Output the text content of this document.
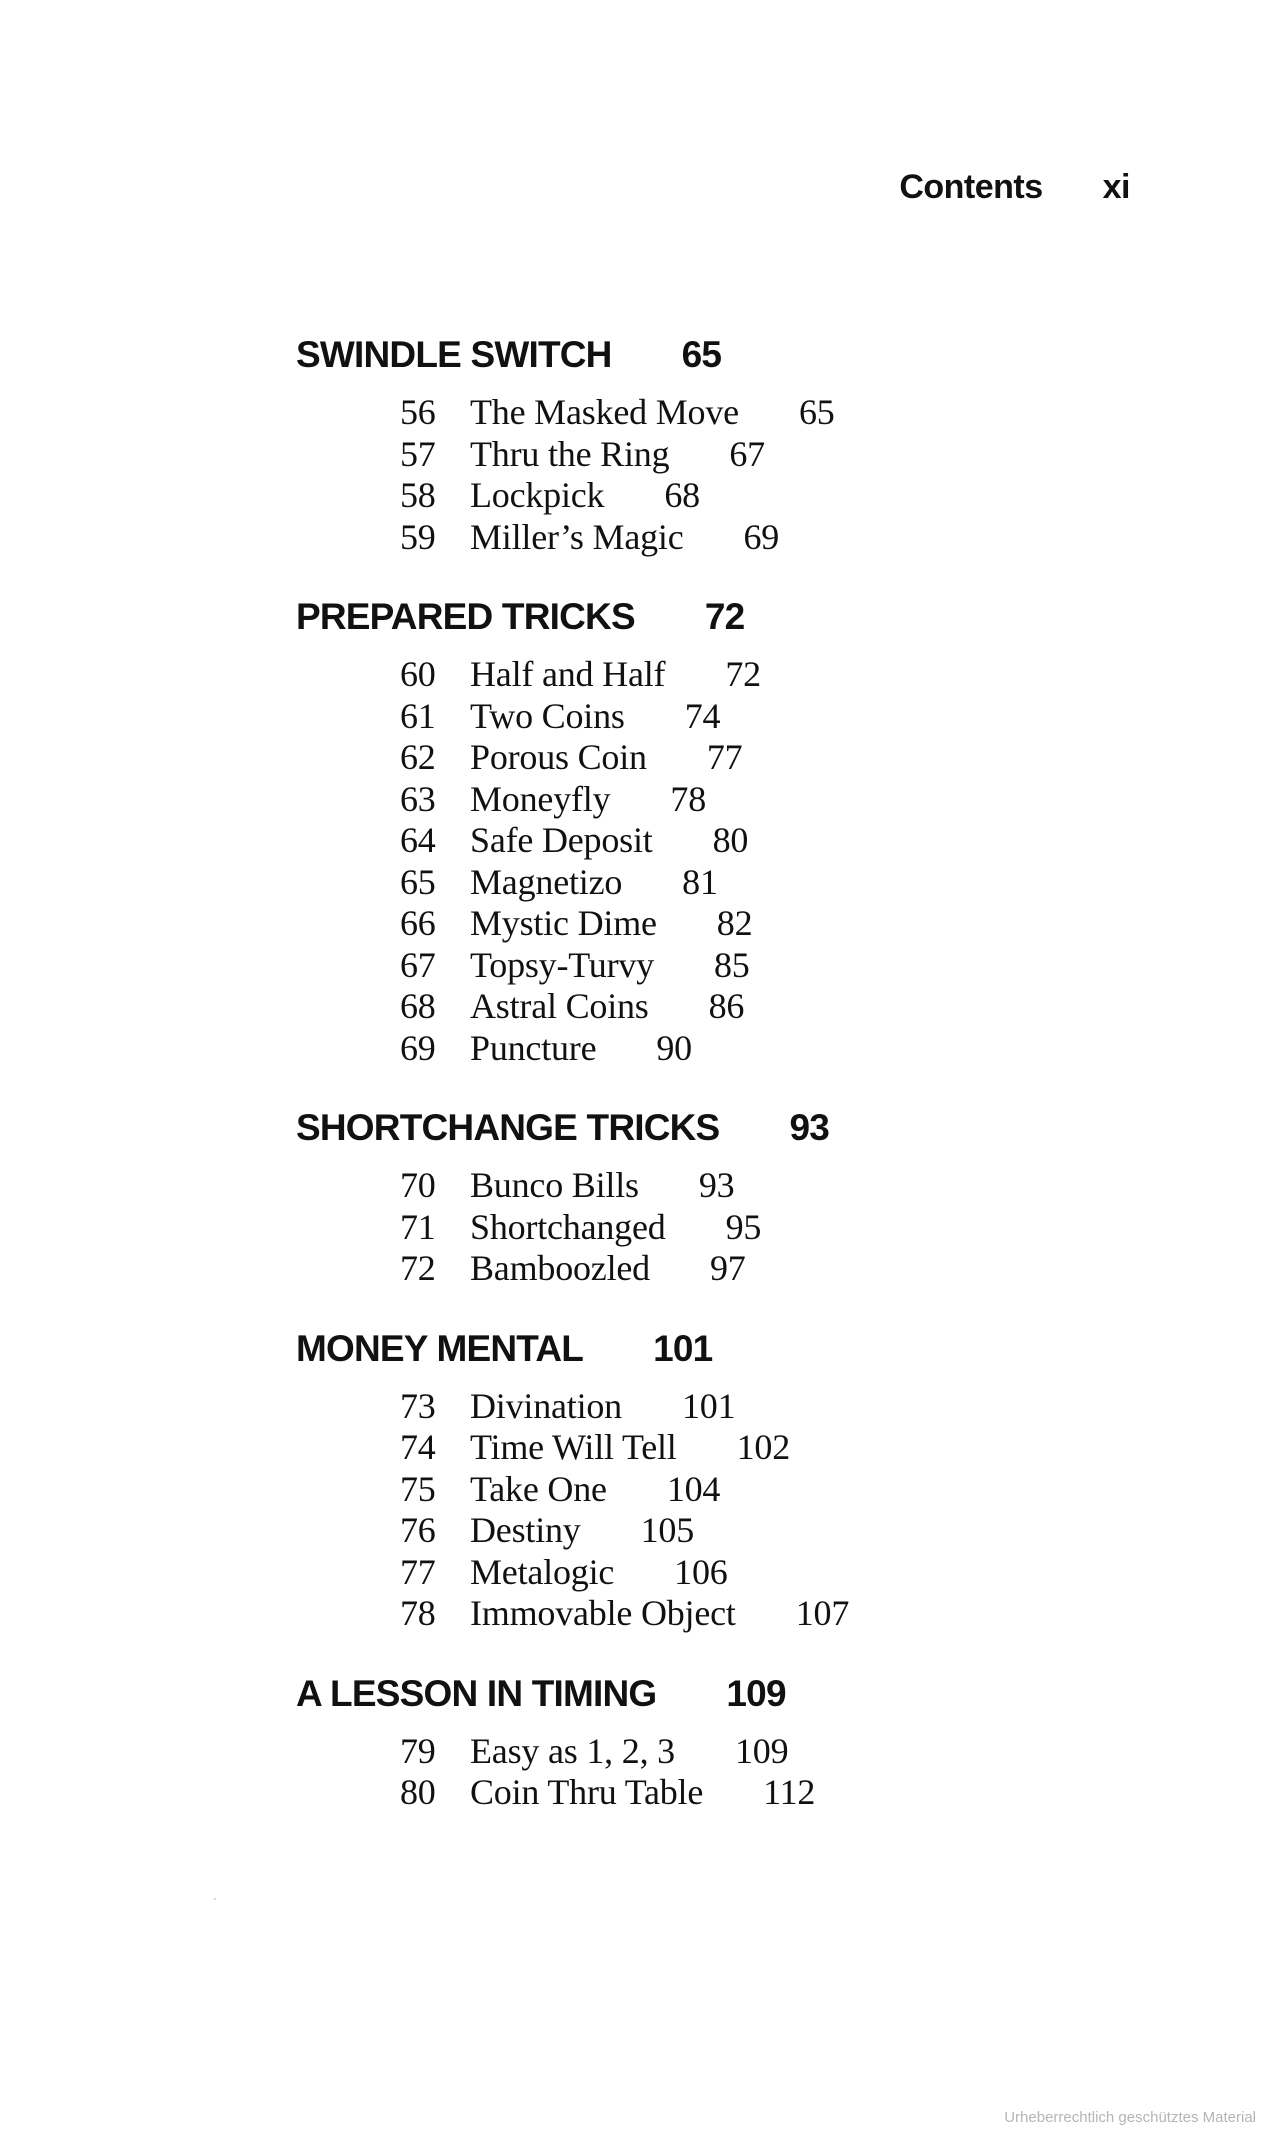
Contents xi
SWINDLE SWITCH 65
56 The Masked Move 65
57 Thru the Ring 67
58 Lockpick 68
59 Miller’s Magic 69
PREPARED TRICKS 72
60 Half and Half 72
61 Two Coins 74
62 Porous Coin 77
63 Moneyfly 78
64 Safe Deposit 80
65 Magnetizo 81
66 Mystic Dime 82
67 Topsy-Turvy 85
68 Astral Coins 86
69 Puncture 90
SHORTCHANGE TRICKS 93
70 Bunco Bills 93
71 Shortchanged 95
72 Bamboozled 97
MONEY MENTAL 101
73 Divination 101
74 Time Will Tell 102
75 Take One 104
76 Destiny 105
77 Metalogic 106
78 Immovable Object 107
A LESSON IN TIMING 109
79 Easy as 1, 2, 3 109
80 Coin Thru Table 112
Urheberrechtlich geschütztes Material
